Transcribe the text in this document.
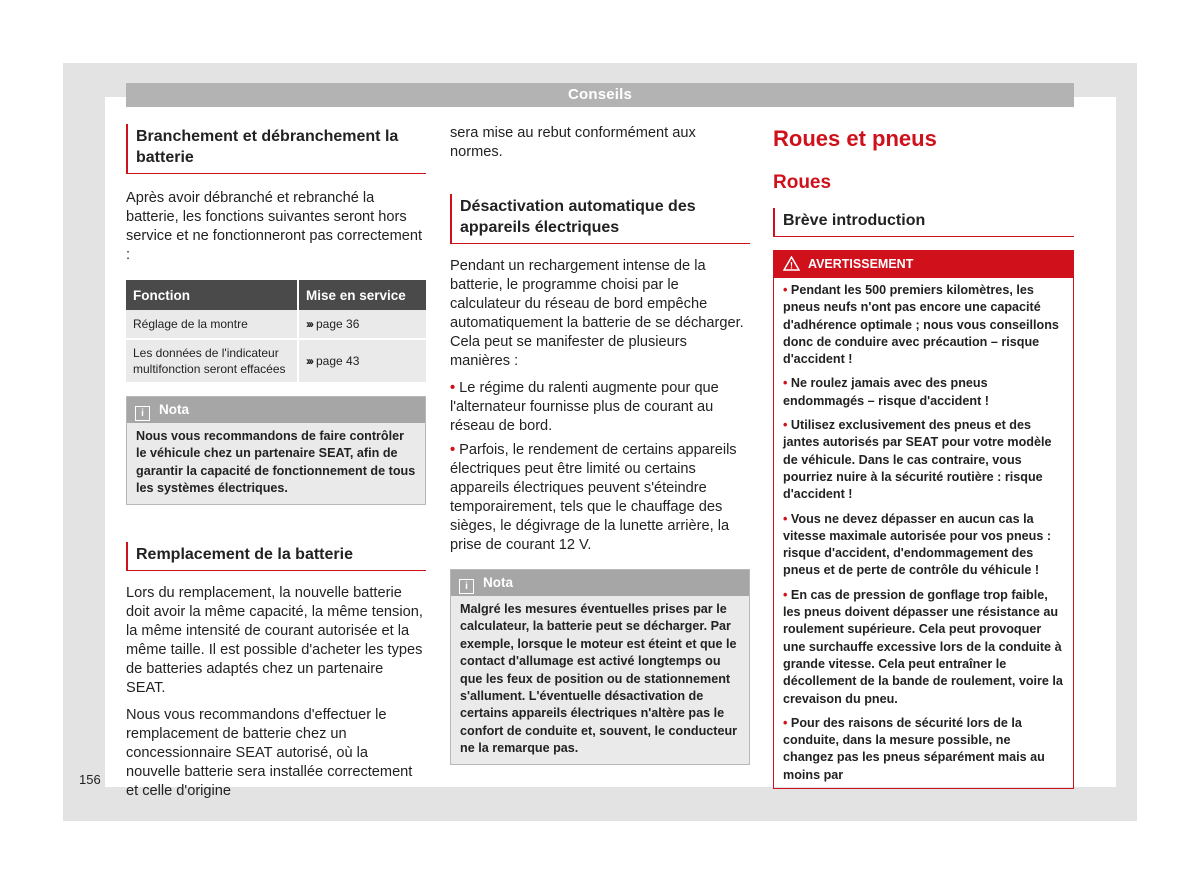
Conseils
Branchement et débranchement la batterie

Après avoir débranché et rebranché la batterie, les fonctions suivantes seront hors service et ne fonctionneront pas correctement :

Fonction	Mise en service
Réglage de la montre	››› page 36
Les données de l'indicateur multifonction seront effacées	››› page 43
i Nota
Nous vous recommandons de faire contrôler le véhicule chez un partenaire SEAT, afin de garantir la capacité de fonctionnement de tous les systèmes électriques.
Remplacement de la batterie

Lors du remplacement, la nouvelle batterie doit avoir la même capacité, la même tension, la même intensité de courant autorisée et la même taille. Il est possible d'acheter les types de batteries adaptés chez un partenaire SEAT.

Nous vous recommandons d'effectuer le remplacement de batterie chez un concessionnaire SEAT autorisé, où la nouvelle batterie sera installée correctement et celle d'origine

sera mise au rebut conformément aux normes.

Désactivation automatique des appareils électriques

Pendant un rechargement intense de la batterie, le programme choisi par le calculateur du réseau de bord empêche automatiquement la batterie de se décharger. Cela peut se manifester de plusieurs manières :

• Le régime du ralenti augmente pour que l'alternateur fournisse plus de courant au réseau de bord.

• Parfois, le rendement de certains appareils électriques peut être limité ou certains appareils électriques peuvent s'éteindre temporairement, tels que le chauffage des sièges, le dégivrage de la lunette arrière, la prise de courant 12 V.

i Nota
Malgré les mesures éventuelles prises par le calculateur, la batterie peut se décharger. Par exemple, lorsque le moteur est éteint et que le contact d'allumage est activé longtemps ou que les feux de position ou de stationnement s'allument. L'éventuelle désactivation de certains appareils électriques n'altère pas le confort de conduite et, souvent, le conducteur ne la remarque pas.
Roues et pneus
Roues
Brève introduction
! AVERTISSEMENT

• Pendant les 500 premiers kilomètres, les pneus neufs n'ont pas encore une capacité d'adhérence optimale ; nous vous conseillons donc de conduire avec précaution – risque d'accident !

• Ne roulez jamais avec des pneus endommagés – risque d'accident !

• Utilisez exclusivement des pneus et des jantes autorisés par SEAT pour votre modèle de véhicule. Dans le cas contraire, vous pourriez nuire à la sécurité routière : risque d'accident !

• Vous ne devez dépasser en aucun cas la vitesse maximale autorisée pour vos pneus : risque d'accident, d'endommagement des pneus et de perte de contrôle du véhicule !

• En cas de pression de gonflage trop faible, les pneus doivent dépasser une résistance au roulement supérieure. Cela peut provoquer une surchauffe excessive lors de la conduite à grande vitesse. Cela peut entraîner le décollement de la bande de roulement, voire la crevaison du pneu.

• Pour des raisons de sécurité lors de la conduite, dans la mesure possible, ne changez pas les pneus séparément mais au moins par

156
